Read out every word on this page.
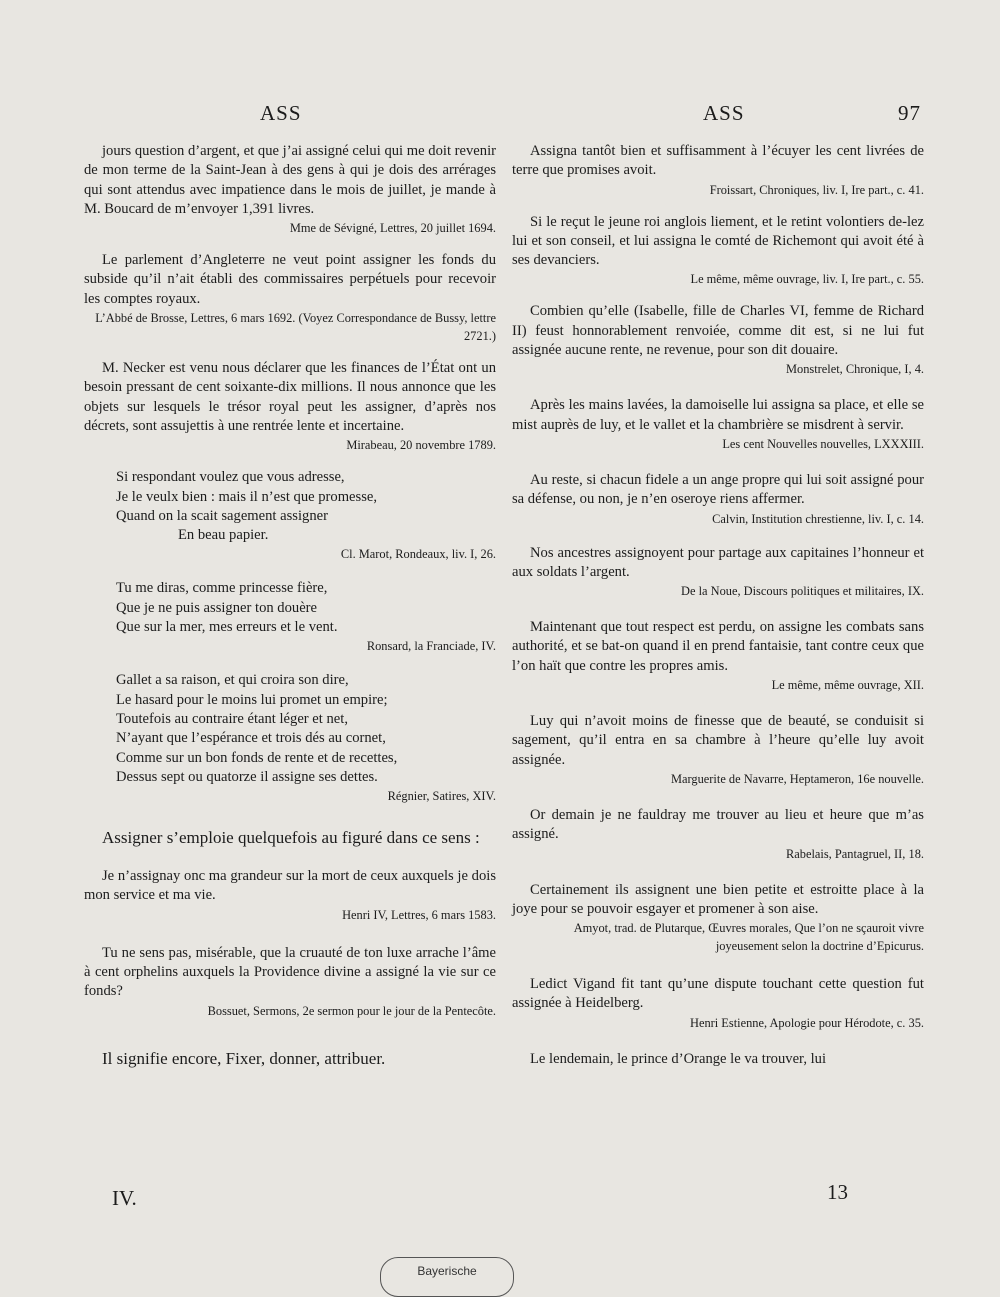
ASS	ASS	97

jours question d’argent, et que j’ai assigné celui qui me doit revenir de mon terme de la Saint-Jean à des gens à qui je dois des arrérages qui sont attendus avec impatience dans le mois de juillet, je mande à M. Boucard de m’envoyer 1,391 livres.

Mme de Sévigné, Lettres, 20 juillet 1694.

Le parlement d’Angleterre ne veut point assigner les fonds du subside qu’il n’ait établi des commissaires perpétuels pour recevoir les comptes royaux.

L’Abbé de Brosse, Lettres, 6 mars 1692. (Voyez Correspondance de Bussy, lettre 2721.)

M. Necker est venu nous déclarer que les finances de l’État ont un besoin pressant de cent soixante-dix millions. Il nous annonce que les objets sur lesquels le trésor royal peut les assigner, d’après nos décrets, sont assujettis à une rentrée lente et incertaine.

Mirabeau, 20 novembre 1789.

Si respondant voulez que vous adresse,
Je le veulx bien : mais il n’est que promesse,
Quand on la scait sagement assigner
En beau papier.

Cl. Marot, Rondeaux, liv. I, 26.

Tu me diras, comme princesse fière,
Que je ne puis assigner ton douère
Que sur la mer, mes erreurs et le vent.

Ronsard, la Franciade, IV.

Gallet a sa raison, et qui croira son dire,
Le hasard pour le moins lui promet un empire;
Toutefois au contraire étant léger et net,
N’ayant que l’espérance et trois dés au cornet,
Comme sur un bon fonds de rente et de recettes,
Dessus sept ou quatorze il assigne ses dettes.

Régnier, Satires, XIV.

Assigner s’emploie quelquefois au figuré dans ce sens :

Je n’assignay onc ma grandeur sur la mort de ceux auxquels je dois mon service et ma vie.

Henri IV, Lettres, 6 mars 1583.

Tu ne sens pas, misérable, que la cruauté de ton luxe arrache l’âme à cent orphelins auxquels la Providence divine a assigné la vie sur ce fonds?

Bossuet, Sermons, 2e sermon pour le jour de la Pentecôte.

Il signifie encore, Fixer, donner, attribuer.

Assigna tantôt bien et suffisamment à l’écuyer les cent livrées de terre que promises avoit.

Froissart, Chroniques, liv. I, Ire part., c. 41.

Si le reçut le jeune roi anglois liement, et le retint volontiers de-lez lui et son conseil, et lui assigna le comté de Richemont qui avoit été à ses devanciers.

Le même, même ouvrage, liv. I, Ire part., c. 55.

Combien qu’elle (Isabelle, fille de Charles VI, femme de Richard II) feust honnorablement renvoiée, comme dit est, si ne lui fut assignée aucune rente, ne revenue, pour son dit douaire.

Monstrelet, Chronique, I, 4.

Après les mains lavées, la damoiselle lui assigna sa place, et elle se mist auprès de luy, et le vallet et la chambrière se misdrent à servir.

Les cent Nouvelles nouvelles, LXXXIII.

Au reste, si chacun fidele a un ange propre qui lui soit assigné pour sa défense, ou non, je n’en oseroye riens affermer.

Calvin, Institution chrestienne, liv. I, c. 14.

Nos ancestres assignoyent pour partage aux capitaines l’honneur et aux soldats l’argent.

De la Noue, Discours politiques et militaires, IX.

Maintenant que tout respect est perdu, on assigne les combats sans authorité, et se bat-on quand il en prend fantaisie, tant contre ceux que l’on haït que contre les propres amis.

Le même, même ouvrage, XII.

Luy qui n’avoit moins de finesse que de beauté, se conduisit si sagement, qu’il entra en sa chambre à l’heure qu’elle luy avoit assignée.

Marguerite de Navarre, Heptameron, 16e nouvelle.

Or demain je ne fauldray me trouver au lieu et heure que m’as assigné.

Rabelais, Pantagruel, II, 18.

Certainement ils assignent une bien petite et estroitte place à la joye pour se pouvoir esgayer et promener à son aise.

Amyot, trad. de Plutarque, Œuvres morales, Que l’on ne sçauroit vivre joyeusement selon la doctrine d’Epicurus.

Ledict Vigand fit tant qu’une dispute touchant cette question fut assignée à Heidelberg.

Henri Estienne, Apologie pour Hérodote, c. 35.

Le lendemain, le prince d’Orange le va trouver, lui

IV.	13
Bayerische
